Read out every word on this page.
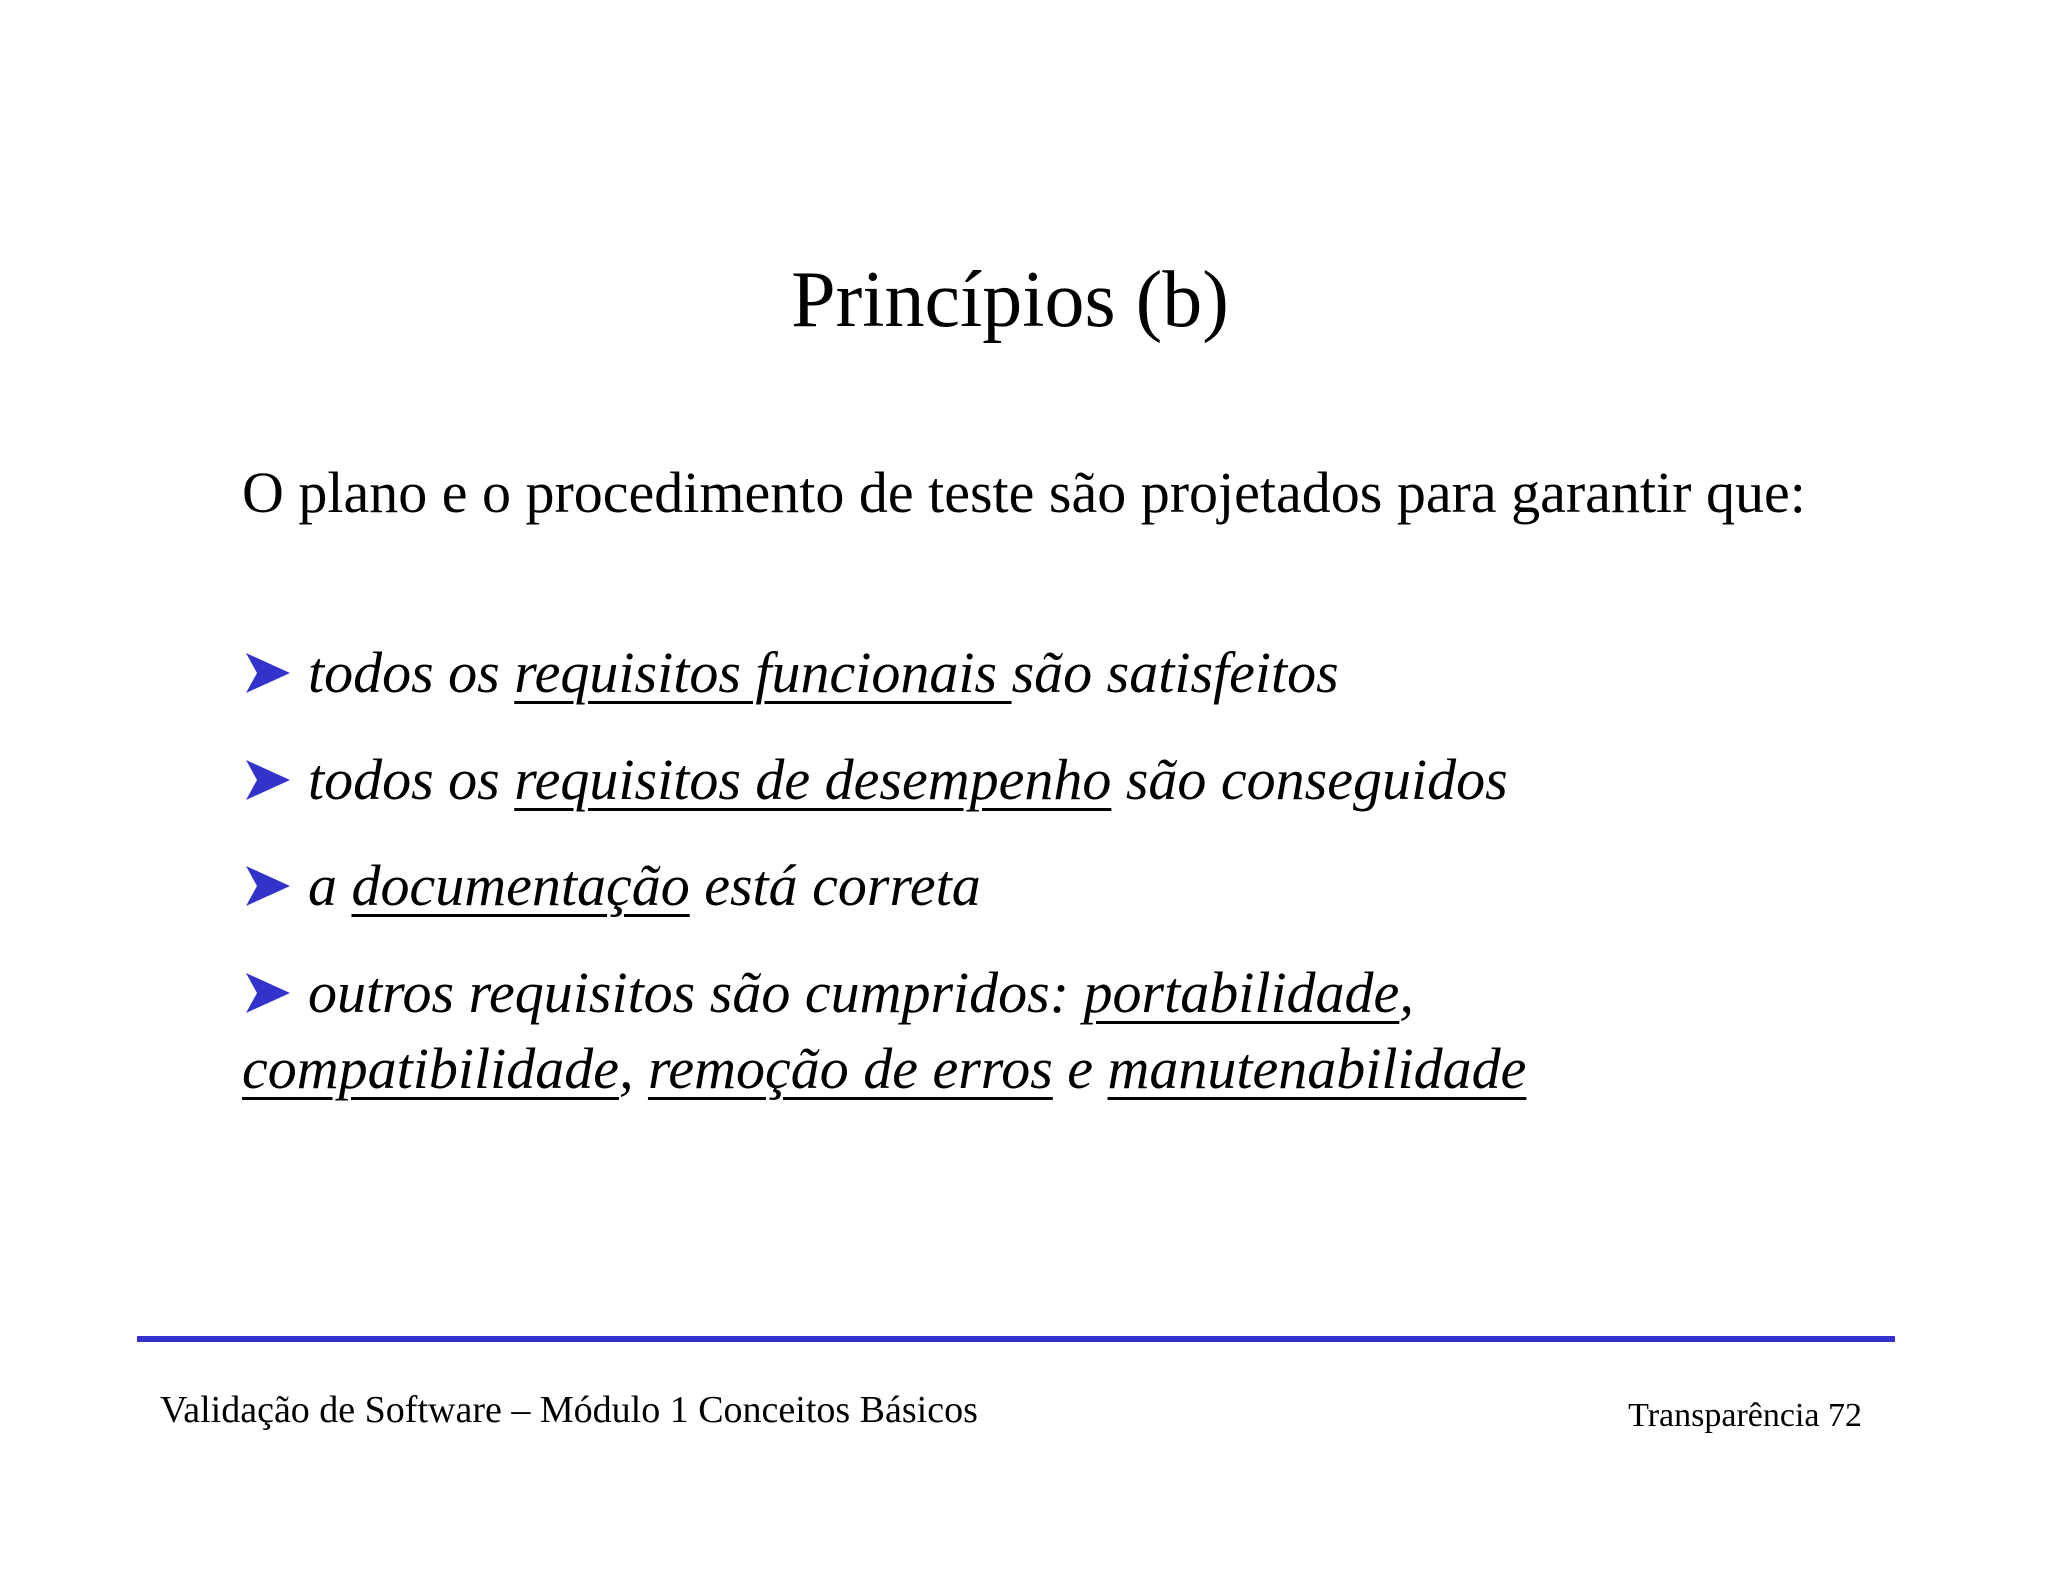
Princípios (b)
O plano e o procedimento de teste são projetados para garantir que:
todos os requisitos funcionais são satisfeitos
todos os requisitos de desempenho são conseguidos
a documentação está correta
outros requisitos são cumpridos: portabilidade,
compatibilidade, remoção de erros e manutenabilidade
Validação de Software – Módulo 1 Conceitos Básicos	Transparência 72
